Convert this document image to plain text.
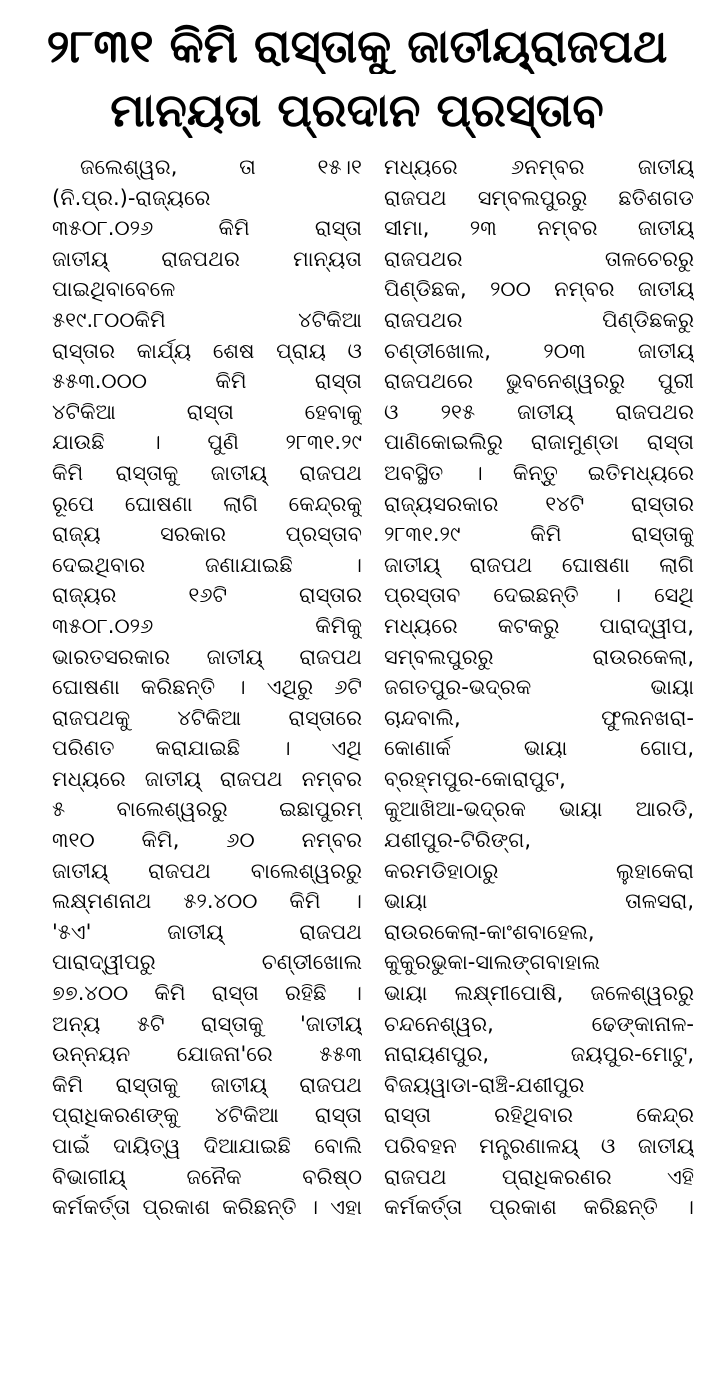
୨୮୩୧ କିମି ରାସ୍ତାକୁ ଜାତୀୟ୍‌ରାଜପଥ
ମାନ୍ୟତା ପ୍ରଦାନ ପ୍ରସ୍ତାବ
ଜଲେଶ୍ୱର, ତା ୧୫।୧
(ନି.ପ୍ର.)-ରାଜ୍ୟରେ
୩୫୦୮.୦୨୬ କିମି ରାସ୍ତା
ଜାତୀୟ୍ ରାଜପଥର ମାନ୍ୟତା
ପାଇଥିବାବେଳେ
୫୧୯.୮୦୦କିମି ୪ଟିକିଆ
ରାସ୍ତାର କାର୍ଯ୍ୟ ଶେଷ ପ୍ରାୟ ଓ
୫୫୩.୦୦୦ କିମି ରାସ୍ତା
୪ଟିକିଆ ରାସ୍ତା ହେବାକୁ
ଯାଉଛି । ପୁଣି ୨୮୩୧.୨୯
କିମି ରାସ୍ତାକୁ ଜାତୀୟ୍ ରାଜପଥ
ରୂପେ ଘୋଷଣା ଲାଗି କେନ୍ଦ୍ରକୁ
ରାଜ୍ୟ ସରକାର ପ୍ରସ୍ତାବ
ଦେଇଥିବାର ଜଣାଯାଇଛି ।
ରାଜ୍ୟର ୧୬ଟି ରାସ୍ତାର
୩୫୦୮.୦୨୬ କିମିକୁ
ଭାରତସରକାର ଜାତୀୟ୍ ରାଜପଥ
ଘୋଷଣା କରିଛନ୍ତି । ଏଥିରୁ ୬ଟି
ରାଜପଥକୁ ୪ଟିକିଆ ରାସ୍ତାରେ
ପରିଣତ କରାଯାଇଛି । ଏଥି
ମଧ୍ୟରେ ଜାତୀୟ୍ ରାଜପଥ ନମ୍ବର
୫ ବାଲେଶ୍ୱରରୁ ଇଛାପୁରମ୍
୩୧୦ କିମି, ୬୦ ନମ୍ବର
ଜାତୀୟ୍ ରାଜପଥ ବାଲେଶ୍ୱରରୁ
ଲକ୍ଷ୍ମଣନାଥ ୫୨.୪୦୦ କିମି ।
'୫ଏ' ଜାତୀୟ୍ ରାଜପଥ
ପାରାଦ୍ୱୀପରୁ ଚଣ୍ଡୀଖୋଲ
୭୭.୪୦୦ କିମି ରାସ୍ତା ରହିଛି ।
ଅନ୍ୟ ୫ଟି ରାସ୍ତାକୁ 'ଜାତୀୟ୍
ଉନ୍ନୟନ ଯୋଜନା'ରେ ୫୫୩
କିମି ରାସ୍ତାକୁ ଜାତୀୟ୍ ରାଜପଥ
ପ୍ରାଧିକରଣଙ୍କୁ ୪ଟିକିଆ ରାସ୍ତା
ପାଇଁ ଦାୟିତ୍ୱ ଦିଆଯାଇଛି ବୋଲି
ବିଭାଗୀୟ୍ ଜନୈକ ବରିଷ୍ଠ
କର୍ମକର୍ତ୍ତା ପ୍ରକାଶ କରିଛନ୍ତି । ଏହା
ମଧ୍ୟରେ ୬ନମ୍ବର ଜାତୀୟ୍
ରାଜପଥ ସମ୍ବଲପୁରରୁ ଛତିଶଗଡ
ସୀମା, ୨୩ ନମ୍ବର ଜାତୀୟ୍
ରାଜପଥର ତାଳଚେରରୁ
ପିଣ୍ଡିଛକ, ୨୦୦ ନମ୍ବର ଜାତୀୟ୍
ରାଜପଥର ପିଣ୍ଡିଛକରୁ
ଚଣ୍ଡୀଖୋଲ, ୨୦୩ ଜାତୀୟ୍
ରାଜପଥରେ ଭୁବନେଶ୍ୱରରୁ ପୁରୀ
ଓ ୨୧୫ ଜାତୀୟ୍ ରାଜପଥର
ପାଣିକୋଇଲିରୁ ରାଜାମୁଣ୍ଡା ରାସ୍ତା
ଅବସ୍ଥିତ । କିନ୍ତୁ ଇତିମଧ୍ୟରେ
ରାଜ୍ୟସରକାର ୧୪ଟି ରାସ୍ତାର
୨୮୩୧.୨୯ କିମି ରାସ୍ତାକୁ
ଜାତୀୟ୍ ରାଜପଥ ଘୋଷଣା ଲାଗି
ପ୍ରସ୍ତାବ ଦେଇଛନ୍ତି । ସେଥି
ମଧ୍ୟରେ କଟକରୁ ପାରାଦ୍ୱୀପ,
ସମ୍ବଲପୁରରୁ ରାଉରକେଲା,
ଜଗତପୁର-ଭଦ୍ରକ ଭାୟା
ଚାନ୍ଦବାଲି, ଫୁଲନଖରା-
କୋଣାର୍କ ଭାୟା ଗୋପ,
ବ୍ରହ୍ମପୁର-କୋରାପୁଟ,
କୁଆଖିଆ-ଭଦ୍ରକ ଭାୟା ଆରଡି,
ଯଶୀପୁର-ଟିରିଙ୍ଗ,
କରମଡିହାଠାରୁ ଲୁହାକେରା
ଭାୟା ତାଳସରା,
ରାଉରକେଲା-କାଂଶବାହେଲ,
କୁକୁରଭୁକା-ସାଲଙ୍ଗବାହାଲ
ଭାୟା ଲକ୍ଷ୍ମୀପୋଷି, ଜଳେଶ୍ୱରରୁ
ଚନ୍ଦନେଶ୍ୱର, ଢେଙ୍କାନାଳ-
ନାରାୟଣପୁର, ଜୟପୁର-ମୋଟୁ,
ବିଜୟୱାଡା-ରାଞ୍ଚି-ଯଶୀପୁର
ରାସ୍ତା ରହିଥିବାର କେନ୍ଦ୍ର
ପରିବହନ ମନ୍ତ୍ରଣାଳୟ୍ ଓ ଜାତୀୟ୍
ରାଜପଥ ପ୍ରାଧିକରଣର ଏହି
କର୍ମକର୍ତ୍ତା ପ୍ରକାଶ କରିଛନ୍ତି ।
